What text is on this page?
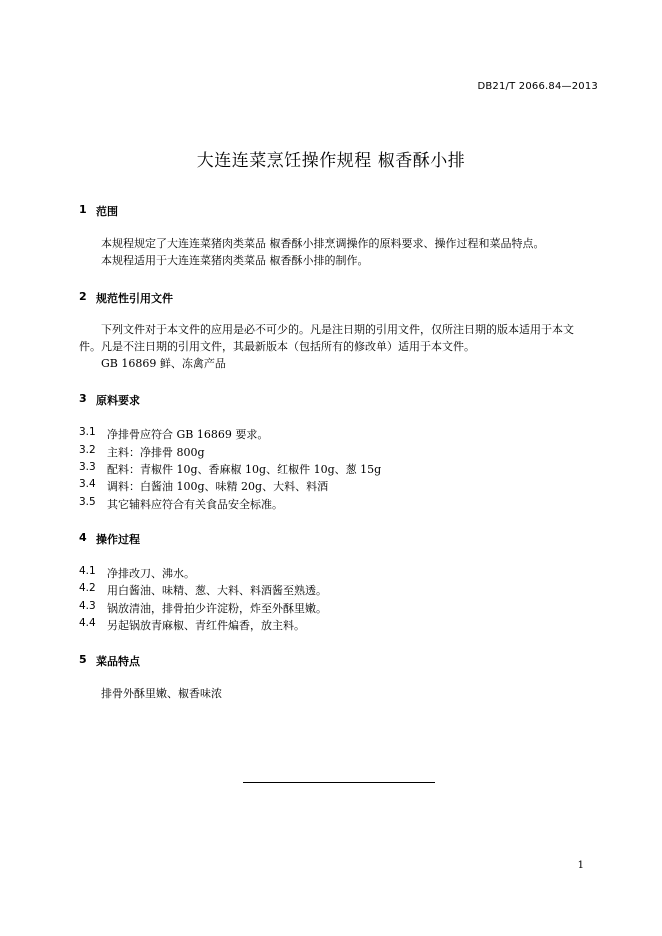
DB21/T 2066.84—2013
大连连菜烹饪操作规程 椒香酥小排
1 范围
本规程规定了大连连菜猪肉类菜品 椒香酥小排烹调操作的原料要求、操作过程和菜品特点。
本规程适用于大连连菜猪肉类菜品 椒香酥小排的制作。
2 规范性引用文件
下列文件对于本文件的应用是必不可少的。凡是注日期的引用文件，仅所注日期的版本适用于本文
件。凡是不注日期的引用文件，其最新版本（包括所有的修改单）适用于本文件。
GB 16869 鲜、冻禽产品
3 原料要求
3.1 净排骨应符合 GB 16869 要求。
3.2 主料：净排骨 800g
3.3 配料：青椒件 10g、香麻椒 10g、红椒件 10g、葱 15g
3.4 调料：白酱油 100g、味精 20g、大料、料酒
3.5 其它辅料应符合有关食品安全标准。
4 操作过程
4.1 净排改刀、沸水。
4.2 用白酱油、味精、葱、大料、料酒酱至熟透。
4.3 锅放清油，排骨拍少许淀粉，炸至外酥里嫩。
4.4 另起锅放青麻椒、青红件煸香，放主料。
5 菜品特点
排骨外酥里嫩、椒香味浓
1
